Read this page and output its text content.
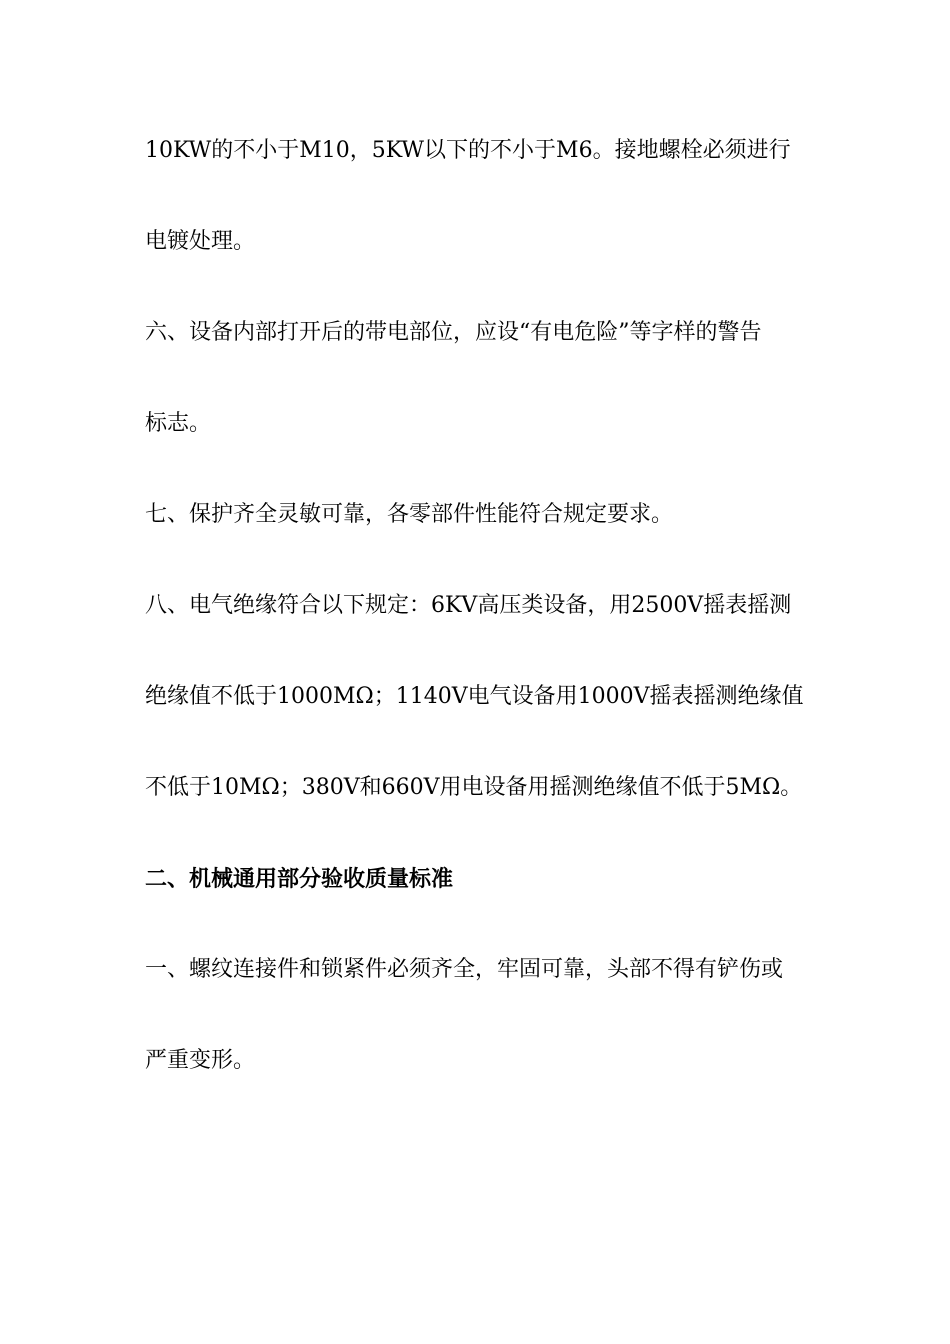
10KW的不小于M10，5KW以下的不小于M6。接地螺栓必须进行
电镀处理。
六、设备内部打开后的带电部位，应设“有电危险”等字样的警告
标志。
七、保护齐全灵敏可靠，各零部件性能符合规定要求。
八、电气绝缘符合以下规定：6KV高压类设备，用2500V摇表摇测
绝缘值不低于1000MΩ；1140V电气设备用1000V摇表摇测绝缘值
不低于10MΩ；380V和660V用电设备用摇测绝缘值不低于5MΩ。
二、机械通用部分验收质量标准
一、螺纹连接件和锁紧件必须齐全，牢固可靠，头部不得有铲伤或
严重变形。
